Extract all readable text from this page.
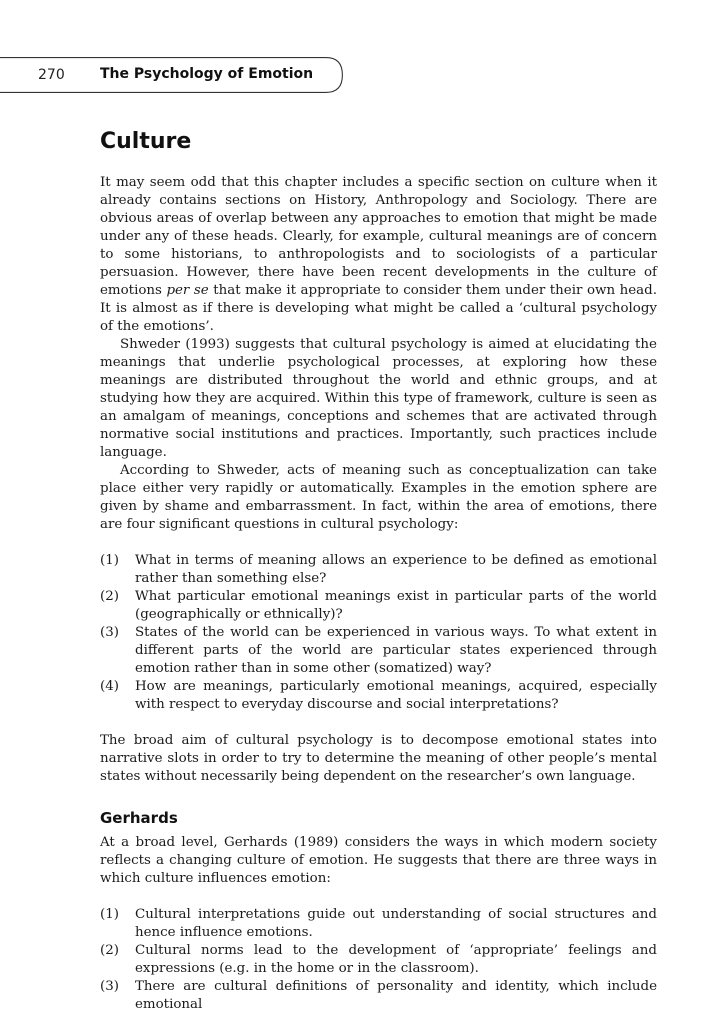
270	The Psychology of Emotion
Culture

It may seem odd that this chapter includes a specific section on culture when it already contains sections on History, Anthropology and Sociology. There are obvious areas of overlap between any approaches to emotion that might be made under any of these heads. Clearly, for example, cultural meanings are of concern to some historians, to anthropologists and to sociologists of a particular persuasion. However, there have been recent developments in the culture of emotions per se that make it appropriate to consider them under their own head. It is almost as if there is developing what might be called a ‘cultural psychology of the emotions’.

Shweder (1993) suggests that cultural psychology is aimed at elucidating the meanings that underlie psychological processes, at exploring how these meanings are distributed throughout the world and ethnic groups, and at studying how they are acquired. Within this type of framework, culture is seen as an amalgam of meanings, conceptions and schemes that are activated through normative social institutions and practices. Importantly, such practices include language.

According to Shweder, acts of meaning such as conceptualization can take place either very rapidly or automatically. Examples in the emotion sphere are given by shame and embarrassment. In fact, within the area of emotions, there are four significant questions in cultural psychology:

(1) What in terms of meaning allows an experience to be defined as emotional rather than something else?
(2) What particular emotional meanings exist in particular parts of the world (geographically or ethnically)?
(3) States of the world can be experienced in various ways. To what extent in different parts of the world are particular states experienced through emotion rather than in some other (somatized) way?
(4) How are meanings, particularly emotional meanings, acquired, especially with respect to everyday discourse and social interpretations?

The broad aim of cultural psychology is to decompose emotional states into narrative slots in order to try to determine the meaning of other people’s mental states without necessarily being dependent on the researcher’s own language.

Gerhards

At a broad level, Gerhards (1989) considers the ways in which modern society reflects a changing culture of emotion. He suggests that there are three ways in which culture influences emotion:

(1) Cultural interpretations guide out understanding of social structures and hence influence emotions.
(2) Cultural norms lead to the development of ‘appropriate’ feelings and expressions (e.g. in the home or in the classroom).
(3) There are cultural definitions of personality and identity, which include emotional
